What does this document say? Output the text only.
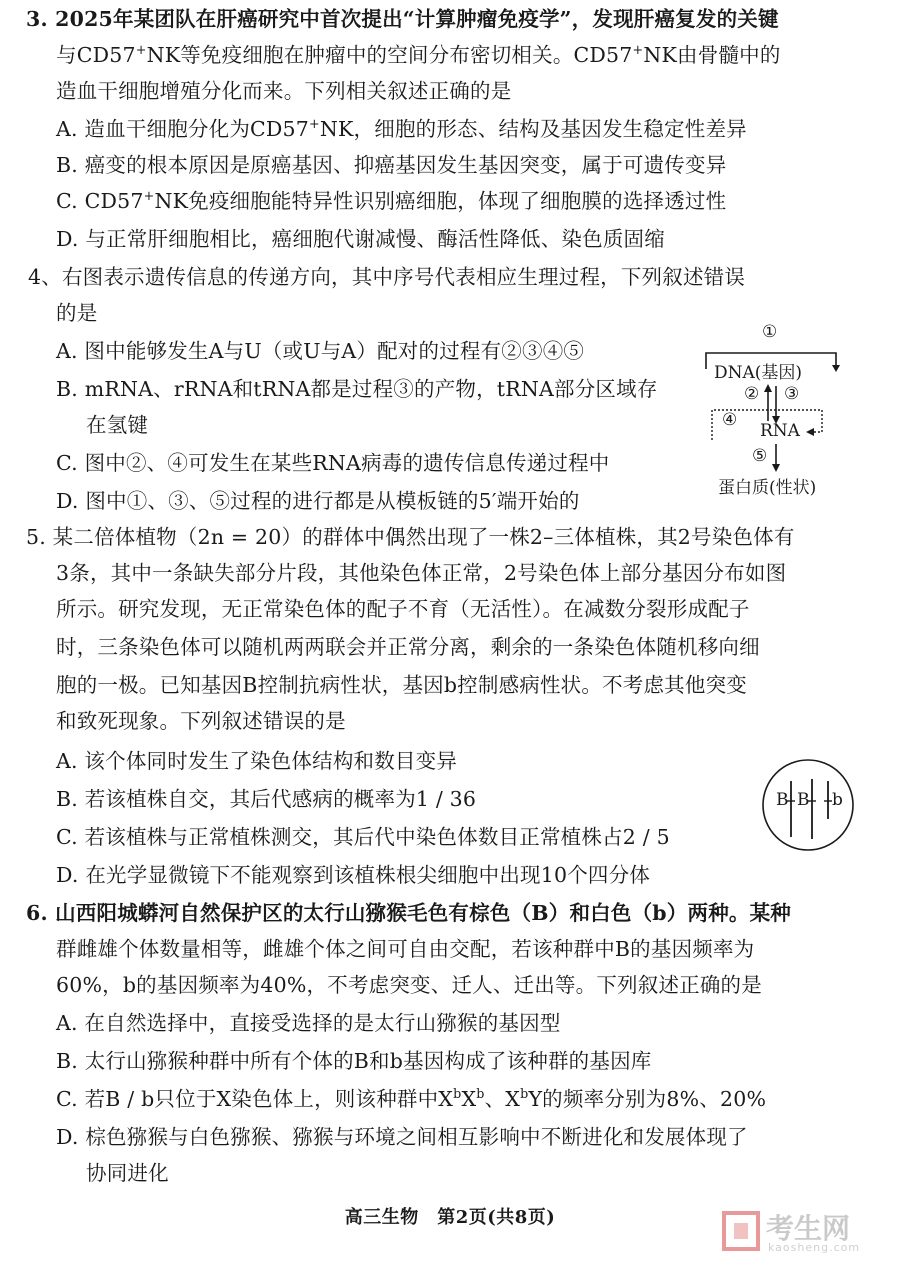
3. 2025年某团队在肝癌研究中首次提出“计算肿瘤免疫学”，发现肝癌复发的关键
与CD57+NK等免疫细胞在肿瘤中的空间分布密切相关。CD57+NK由骨髓中的
造血干细胞增殖分化而来。下列相关叙述正确的是
A. 造血干细胞分化为CD57+NK，细胞的形态、结构及基因发生稳定性差异
B. 癌变的根本原因是原癌基因、抑癌基因发生基因突变，属于可遗传变异
C. CD57+NK免疫细胞能特异性识别癌细胞，体现了细胞膜的选择透过性
D. 与正常肝细胞相比，癌细胞代谢减慢、酶活性降低、染色质固缩
4、右图表示遗传信息的传递方向，其中序号代表相应生理过程，下列叙述错误
的是
A. 图中能够发生A与U（或U与A）配对的过程有②③④⑤
B. mRNA、rRNA和tRNA都是过程③的产物，tRNA部分区域存
在氢键
C. 图中②、④可发生在某些RNA病毒的遗传信息传递过程中
D. 图中①、③、⑤过程的进行都是从模板链的5′端开始的
①
DNA(基因)
② ③
④
RNA
⑤
蛋白质(性状)
5. 某二倍体植物（2n = 20）的群体中偶然出现了一株2–三体植株，其2号染色体有
3条，其中一条缺失部分片段，其他染色体正常，2号染色体上部分基因分布如图
所示。研究发现，无正常染色体的配子不育（无活性）。在减数分裂形成配子
时，三条染色体可以随机两两联会并正常分离，剩余的一条染色体随机移向细
胞的一极。已知基因B控制抗病性状，基因b控制感病性状。不考虑其他突变
和致死现象。下列叙述错误的是
A. 该个体同时发生了染色体结构和数目变异
B. 若该植株自交，其后代感病的概率为1 / 36
C. 若该植株与正常植株测交，其后代中染色体数目正常植株占2 / 5
D. 在光学显微镜下不能观察到该植株根尖细胞中出现10个四分体
B B b
6. 山西阳城蟒河自然保护区的太行山猕猴毛色有棕色（B）和白色（b）两种。某种
群雌雄个体数量相等，雌雄个体之间可自由交配，若该种群中B的基因频率为
60%，b的基因频率为40%，不考虑突变、迁人、迁出等。下列叙述正确的是
A. 在自然选择中，直接受选择的是太行山猕猴的基因型
B. 太行山猕猴种群中所有个体的B和b基因构成了该种群的基因库
C. 若B / b只位于X染色体上，则该种群中$X^bX^b$、$X^bY$的频率分别为8%、20%
D. 棕色猕猴与白色猕猴、猕猴与环境之间相互影响中不断进化和发展体现了
协同进化
高三生物　第2页(共8页)	考生网
kaosheng.com
